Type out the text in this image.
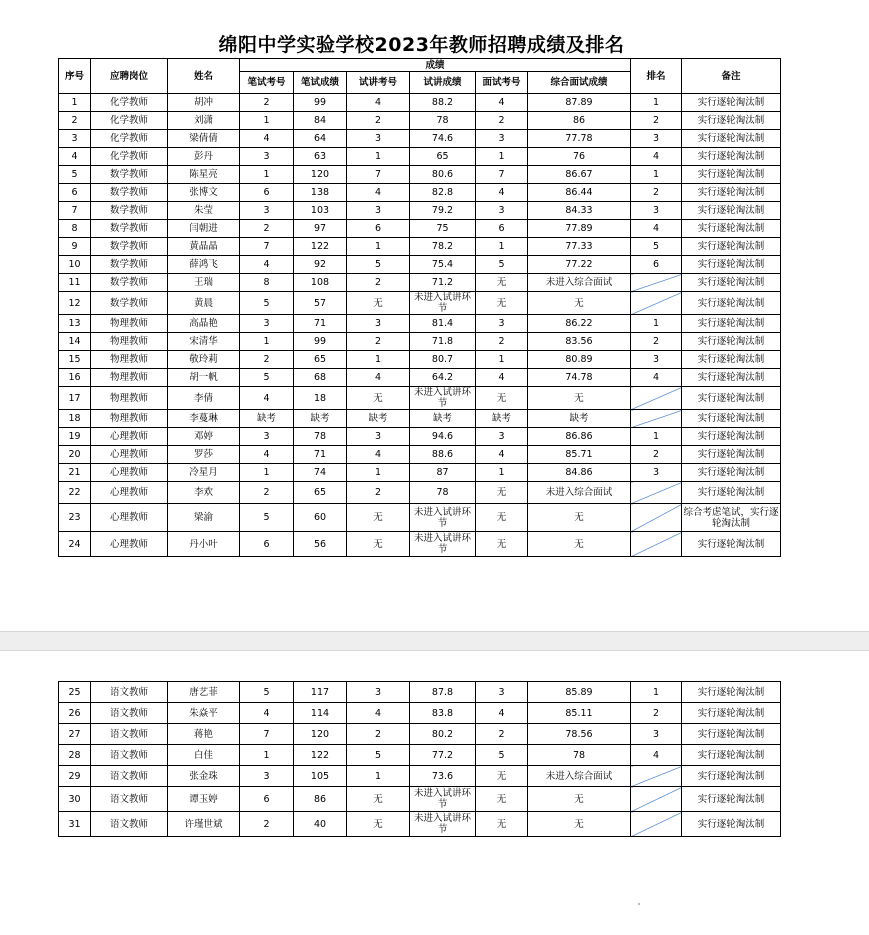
绵阳中学实验学校2023年教师招聘成绩及排名
序号	应聘岗位	姓名	成绩						排名	备注
			笔试考号	笔试成绩	试讲考号	试讲成绩	面试考号	综合面试成绩		
1	化学教师	胡冲	2	99	4	88.2	4	87.89	1	实行逐轮淘汰制
2	化学教师	刘潇	1	84	2	78	2	86	2	实行逐轮淘汰制
3	化学教师	梁倩倩	4	64	3	74.6	3	77.78	3	实行逐轮淘汰制
4	化学教师	彭丹	3	63	1	65	1	76	4	实行逐轮淘汰制
5	数学教师	陈星亮	1	120	7	80.6	7	86.67	1	实行逐轮淘汰制
6	数学教师	张博文	6	138	4	82.8	4	86.44	2	实行逐轮淘汰制
7	数学教师	朱莹	3	103	3	79.2	3	84.33	3	实行逐轮淘汰制
8	数学教师	闫朝进	2	97	6	75	6	77.89	4	实行逐轮淘汰制
9	数学教师	黄晶晶	7	122	1	78.2	1	77.33	5	实行逐轮淘汰制
10	数学教师	薛鸿飞	4	92	5	75.4	5	77.22	6	实行逐轮淘汰制
11	数学教师	王瑞	8	108	2	71.2	无	未进入综合面试		实行逐轮淘汰制
12	数学教师	黄晨	5	57	无	未进入试讲环节	无	无		实行逐轮淘汰制
13	物理教师	高晶艳	3	71	3	81.4	3	86.22	1	实行逐轮淘汰制
14	物理教师	宋清华	1	99	2	71.8	2	83.56	2	实行逐轮淘汰制
15	物理教师	敬玲莉	2	65	1	80.7	1	80.89	3	实行逐轮淘汰制
16	物理教师	胡一帆	5	68	4	64.2	4	74.78	4	实行逐轮淘汰制
17	物理教师	李倩	4	18	无	未进入试讲环节	无	无		实行逐轮淘汰制
18	物理教师	李蔓琳	缺考	缺考	缺考	缺考	缺考	缺考		实行逐轮淘汰制
19	心理教师	邓婷	3	78	3	94.6	3	86.86	1	实行逐轮淘汰制
20	心理教师	罗莎	4	71	4	88.6	4	85.71	2	实行逐轮淘汰制
21	心理教师	冷星月	1	74	1	87	1	84.86	3	实行逐轮淘汰制
22	心理教师	李欢	2	65	2	78	无	未进入综合面试		实行逐轮淘汰制
23	心理教师	梁渝	5	60	无	未进入试讲环节	无	无		综合考虑笔试，实行逐轮淘汰制
24	心理教师	丹小叶	6	56	无	未进入试讲环节	无	无		实行逐轮淘汰制
25	语文教师	唐艺菲	5	117	3	87.8	3	85.89	1	实行逐轮淘汰制
26	语文教师	朱焱平	4	114	4	83.8	4	85.11	2	实行逐轮淘汰制
27	语文教师	蒋艳	7	120	2	80.2	2	78.56	3	实行逐轮淘汰制
28	语文教师	白佳	1	122	5	77.2	5	78	4	实行逐轮淘汰制
29	语文教师	张金珠	3	105	1	73.6	无	未进入综合面试		实行逐轮淘汰制
30	语文教师	谭玉婷	6	86	无	未进入试讲环节	无	无		实行逐轮淘汰制
31	语文教师	许瑾世斌	2	40	无	未进入试讲环节	无	无		实行逐轮淘汰制
